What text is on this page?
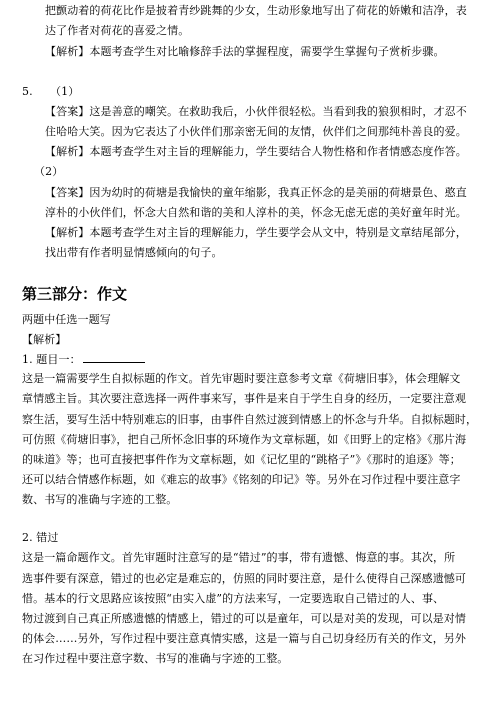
把颤动着的荷花比作是披着青纱跳舞的少女，生动形象地写出了荷花的娇嫩和洁净，表
达了作者对荷花的喜爱之情。
【解析】本题考查学生对比喻修辞手法的掌握程度，需要学生掌握句子赏析步骤。
5. （1）
【答案】这是善意的嘲笑。在救助我后，小伙伴很轻松。当看到我的狼狈相时，才忍不
住哈哈大笑。因为它表达了小伙伴们那亲密无间的友情，伙伴们之间那纯朴善良的爱。
【解析】本题考查学生对主旨的理解能力，学生要结合人物性格和作者情感态度作答。
（2）
【答案】因为幼时的荷塘是我愉快的童年缩影，我真正怀念的是美丽的荷塘景色、憨直
淳朴的小伙伴们，怀念大自然和谐的美和人淳朴的美，怀念无虑无虑的美好童年时光。
【解析】本题考查学生对主旨的理解能力，学生要学会从文中，特别是文章结尾部分，
找出带有作者明显情感倾向的句子。
第三部分：作文
两题中任选一题写
【解析】
1. 题目一：
这是一篇需要学生自拟标题的作文。首先审题时要注意参考文章《荷塘旧事》，体会理解文
章情感主旨。其次要注意选择一两件事来写，事件是来自于学生自身的经历，一定要注意观
察生活，要写生活中特别难忘的旧事，由事件自然过渡到情感上的怀念与升华。自拟标题时，
可仿照《荷塘旧事》，把自己所怀念旧事的环境作为文章标题，如《田野上的定格》《那片海
的味道》等；也可直接把事件作为文章标题，如《记忆里的“跳格子”》《那时的追逐》等；
还可以结合情感作标题，如《难忘的故事》《铭刻的印记》等。另外在习作过程中要注意字
数、书写的准确与字迹的工整。
2. 错过
这是一篇命题作文。首先审题时注意写的是“错过”的事，带有遗憾、悔意的事。其次，所
选事件要有深意，错过的也必定是难忘的，仿照的同时要注意，是什么使得自己深感遗憾可
惜。基本的行文思路应该按照“由实入虚”的方法来写，一定要选取自己错过的人、事、
物过渡到自己真正所感遗憾的情感上，错过的可以是童年，可以是对美的发现，可以是对情
的体会……另外，写作过程中要注意真情实感，这是一篇与自己切身经历有关的作文，另外
在习作过程中要注意字数、书写的准确与字迹的工整。
